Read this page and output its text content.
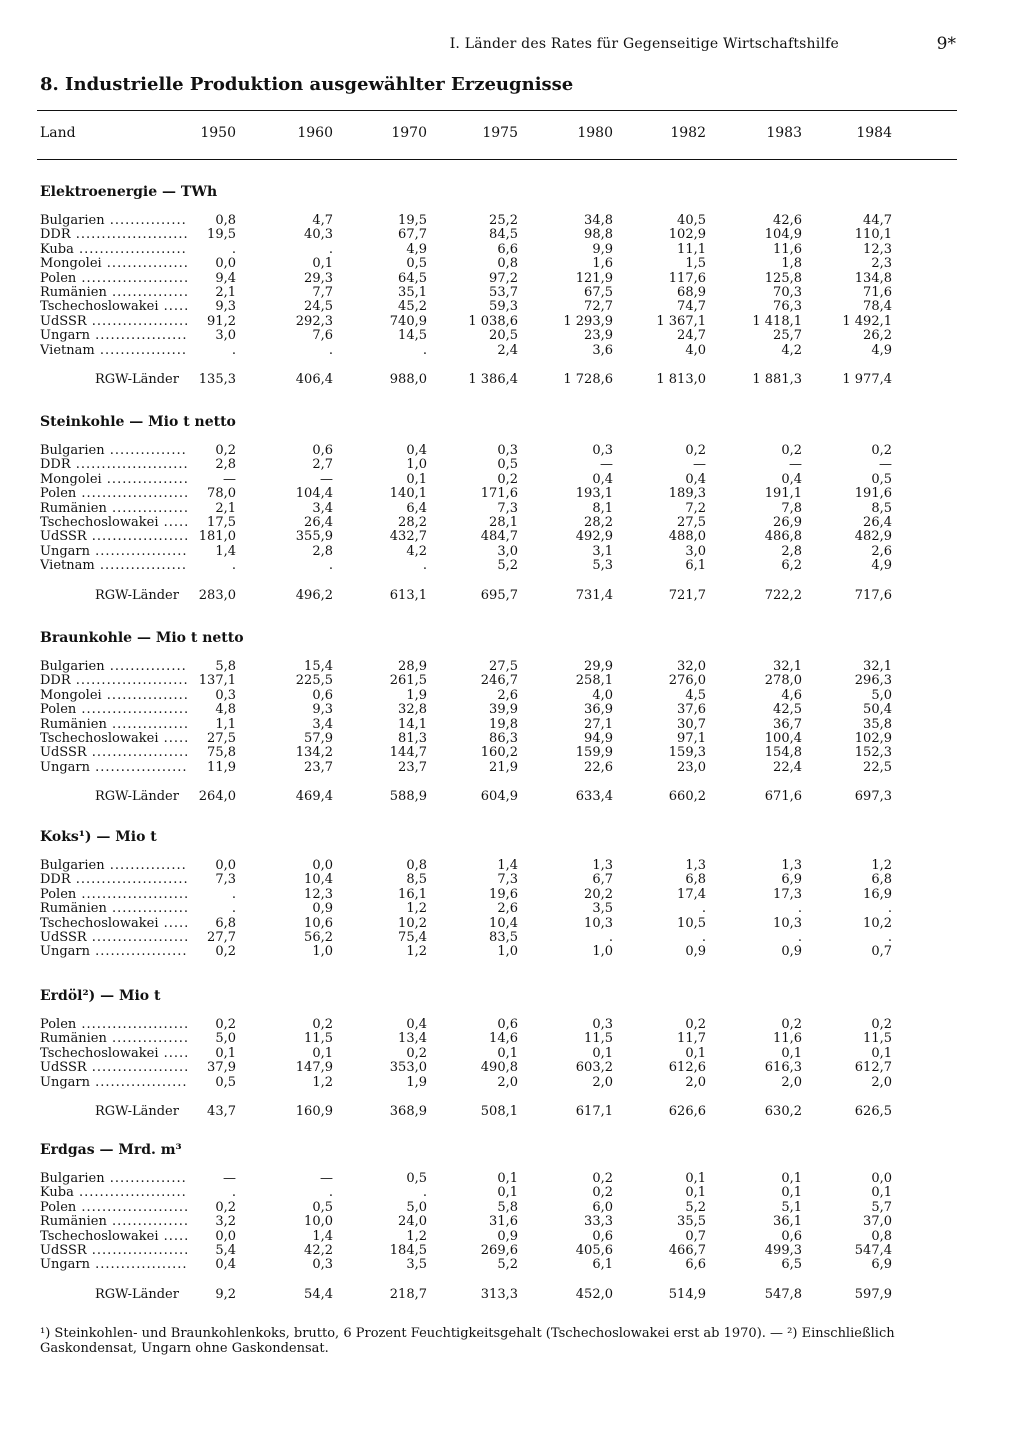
I. Länder des Rates für Gegenseitige Wirtschaftshilfe	9*
8. Industrielle Produktion ausgewählter Erzeugnisse
Land	1950	1960	1970	1975	1980	1982	1983	1984
Elektroenergie — TWh
Bulgarien .....	0,8	4,7	19,5	25,2	34,8	40,5	42,6	44,7
DDR .....	19,5	40,3	67,7	84,5	98,8	102,9	104,9	110,1
Kuba .....	.	.	4,9	6,6	9,9	11,1	11,6	12,3
Mongolei .....	0,0	0,1	0,5	0,8	1,6	1,5	1,8	2,3
Polen .....	9,4	29,3	64,5	97,2	121,9	117,6	125,8	134,8
Rumänien .....	2,1	7,7	35,1	53,7	67,5	68,9	70,3	71,6
Tschechoslowakei .....	9,3	24,5	45,2	59,3	72,7	74,7	76,3	78,4
UdSSR .....	91,2	292,3	740,9	1 038,6	1 293,9	1 367,1	1 418,1	1 492,1
Ungarn .....	3,0	7,6	14,5	20,5	23,9	24,7	25,7	26,2
Vietnam .....	.	.	.	2,4	3,6	4,0	4,2	4,9
RGW-Länder 135,3	406,4	988,0	1 386,4	1 728,6	1 813,0	1 881,3	1 977,4
Steinkohle — Mio t netto
Bulgarien .....	0,2	0,6	0,4	0,3	0,3	0,2	0,2	0,2
DDR .....	2,8	2,7	1,0	0,5	—	—	—	—
Mongolei .....	—	—	0,1	0,2	0,4	0,4	0,4	0,5
Polen .....	78,0	104,4	140,1	171,6	193,1	189,3	191,1	191,6
Rumänien .....	2,1	3,4	6,4	7,3	8,1	7,2	7,8	8,5
Tschechoslowakei .....	17,5	26,4	28,2	28,1	28,2	27,5	26,9	26,4
UdSSR .....	181,0	355,9	432,7	484,7	492,9	488,0	486,8	482,9
Ungarn .....	1,4	2,8	4,2	3,0	3,1	3,0	2,8	2,6
Vietnam .....	.	.	.	5,2	5,3	6,1	6,2	4,9
RGW-Länder 283,0	496,2	613,1	695,7	731,4	721,7	722,2	717,6
Braunkohle — Mio t netto
Bulgarien .....	5,8	15,4	28,9	27,5	29,9	32,0	32,1	32,1
DDR .....	137,1	225,5	261,5	246,7	258,1	276,0	278,0	296,3
Mongolei .....	0,3	0,6	1,9	2,6	4,0	4,5	4,6	5,0
Polen .....	4,8	9,3	32,8	39,9	36,9	37,6	42,5	50,4
Rumänien .....	1,1	3,4	14,1	19,8	27,1	30,7	36,7	35,8
Tschechoslowakei .....	27,5	57,9	81,3	86,3	94,9	97,1	100,4	102,9
UdSSR .....	75,8	134,2	144,7	160,2	159,9	159,3	154,8	152,3
Ungarn .....	11,9	23,7	23,7	21,9	22,6	23,0	22,4	22,5
RGW-Länder 264,0	469,4	588,9	604,9	633,4	660,2	671,6	697,3
Koks¹) — Mio t
Bulgarien .....	0,0	0,0	0,8	1,4	1,3	1,3	1,3	1,2
DDR .....	7,3	10,4	8,5	7,3	6,7	6,8	6,9	6,8
Polen .....	.	12,3	16,1	19,6	20,2	17,4	17,3	16,9
Rumänien .....	.	0,9	1,2	2,6	3,5	.	.	.
Tschechoslowakei .....	6,8	10,6	10,2	10,4	10,3	10,5	10,3	10,2
UdSSR .....	27,7	56,2	75,4	83,5	.	.	.	.
Ungarn .....	0,2	1,0	1,2	1,0	1,0	0,9	0,9	0,7
Erdöl²) — Mio t
Polen .....	0,2	0,2	0,4	0,6	0,3	0,2	0,2	0,2
Rumänien .....	5,0	11,5	13,4	14,6	11,5	11,7	11,6	11,5
Tschechoslowakei .....	0,1	0,1	0,2	0,1	0,1	0,1	0,1	0,1
UdSSR .....	37,9	147,9	353,0	490,8	603,2	612,6	616,3	612,7
Ungarn .....	0,5	1,2	1,9	2,0	2,0	2,0	2,0	2,0
RGW-Länder 43,7	160,9	368,9	508,1	617,1	626,6	630,2	626,5
Erdgas — Mrd. m³
Bulgarien .....	—	—	0,5	0,1	0,2	0,1	0,1	0,0
Kuba .....	.	.	.	0,1	0,2	0,1	0,1	0,1
Polen .....	0,2	0,5	5,0	5,8	6,0	5,2	5,1	5,7
Rumänien .....	3,2	10,0	24,0	31,6	33,3	35,5	36,1	37,0
Tschechoslowakei .....	0,0	1,4	1,2	0,9	0,6	0,7	0,6	0,8
UdSSR .....	5,4	42,2	184,5	269,6	405,6	466,7	499,3	547,4
Ungarn .....	0,4	0,3	3,5	5,2	6,1	6,6	6,5	6,9
RGW-Länder	9,2	54,4	218,7	313,3	452,0	514,9	547,8	597,9
¹) Steinkohlen- und Braunkohlenkoks, brutto, 6 Prozent Feuchtigkeitsgehalt (Tschechoslowakei erst ab 1970). — ²) Einschließlich Gaskondensat, Ungarn ohne Gaskondensat.
